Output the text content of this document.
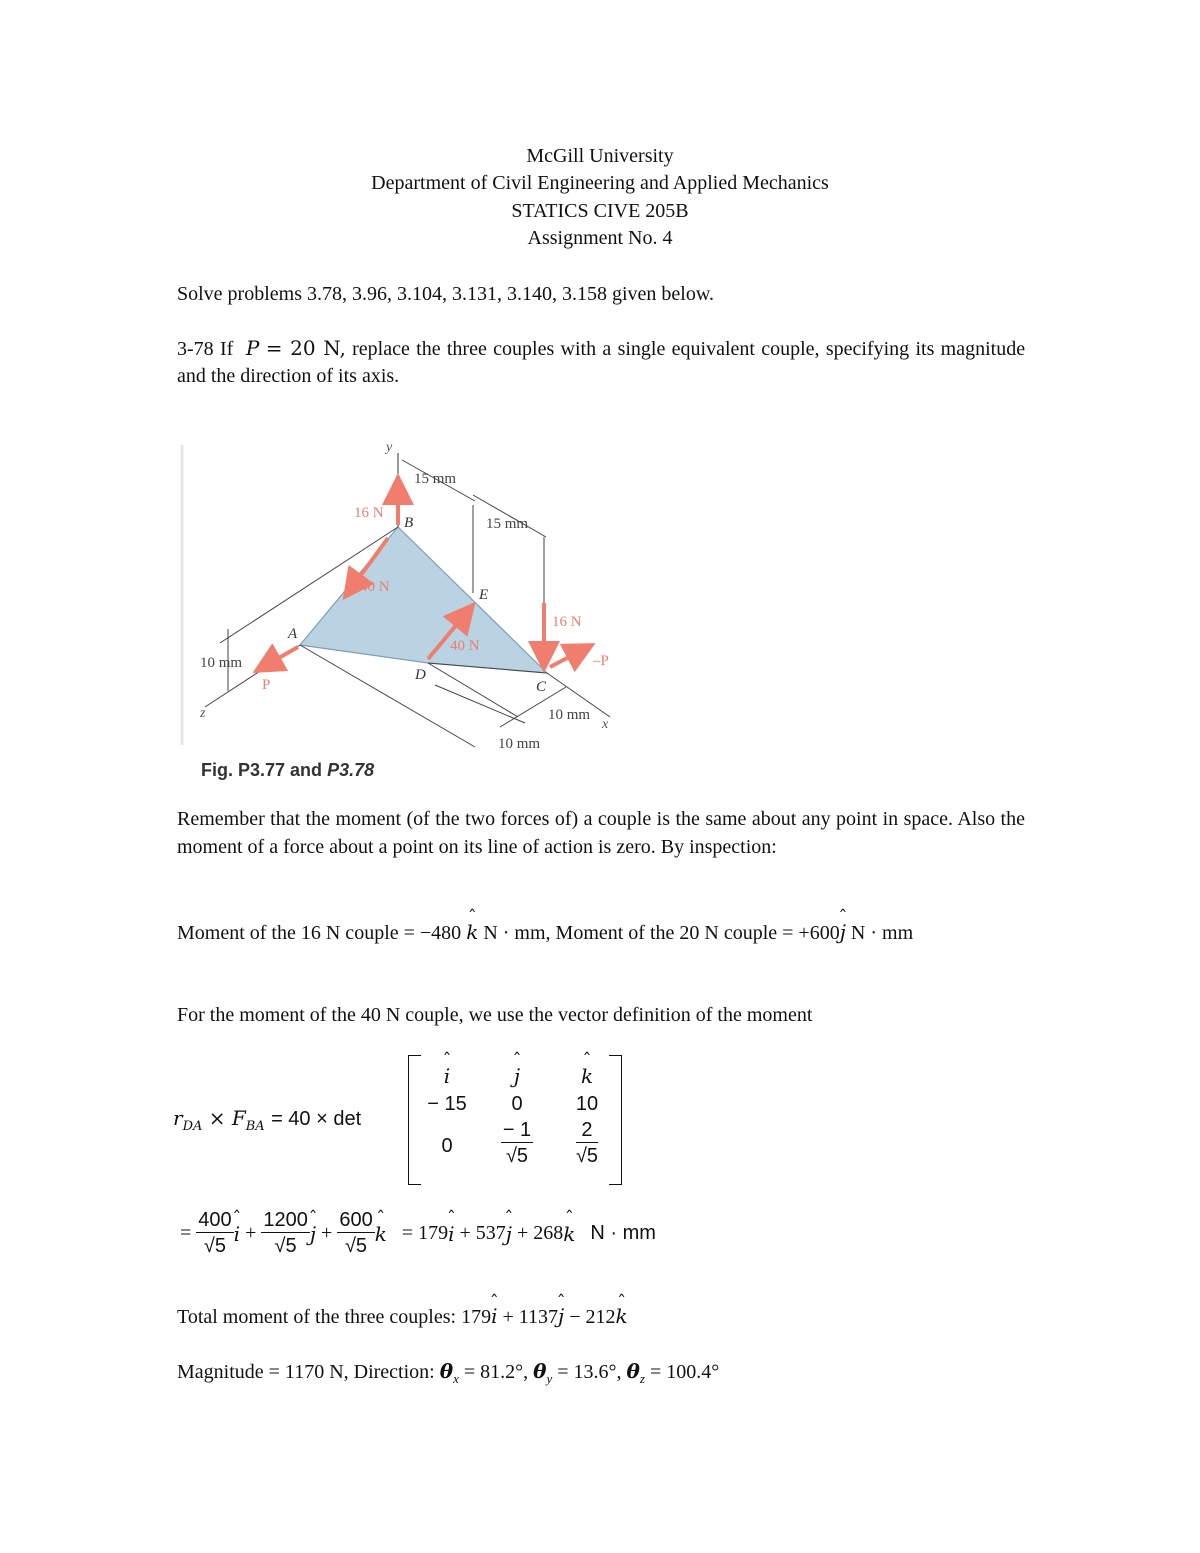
McGill University
Department of Civil Engineering and Applied Mechanics
STATICS CIVE 205B
Assignment No. 4
Solve problems 3.78, 3.96, 3.104, 3.131, 3.140, 3.158 given below.
3-78 If P = 20 N, replace the three couples with a single equivalent couple, specifying its magnitude and the direction of its axis.
y
15 mm
15 mm
16 N
B
40 N	E
16 N
A
40 N
–P
10 mm
D
P	C
10 mm
x
z
10 mm
Fig. P3.77 and P3.78
Remember that the moment (of the two forces of) a couple is the same about any point in space. Also the moment of a force about a point on its line of action is zero. By inspection:
Moment of the 16 N couple = −480 ˆ k N · mm, Moment of the 20 N couple = +600ˆ j N · mm
For the moment of the 40 N couple, we use the vector definition of the moment
$r_{DA} \times F_{BA} = 40 \times \det$
ˆ i	ˆ j	ˆ k
− 15	0	10
0	$\frac{- 1}{√5} \frac{2}{√5}$
= $\frac{400}{√5}$ ˆ $i + \frac{1200}{√5}$ ˆ $j + \frac{600}{√5}$ ˆ k = 179ˆ i + 537ˆ j + 268ˆ k N · mm
Total moment of the three couples: 179ˆ i + 1137ˆ j − 212ˆ k
Magnitude = 1170 N, Direction: $\theta_x = 81.2^\circ$, $\theta_y = 13.6^\circ$, $\theta_z = 100.4^\circ$
